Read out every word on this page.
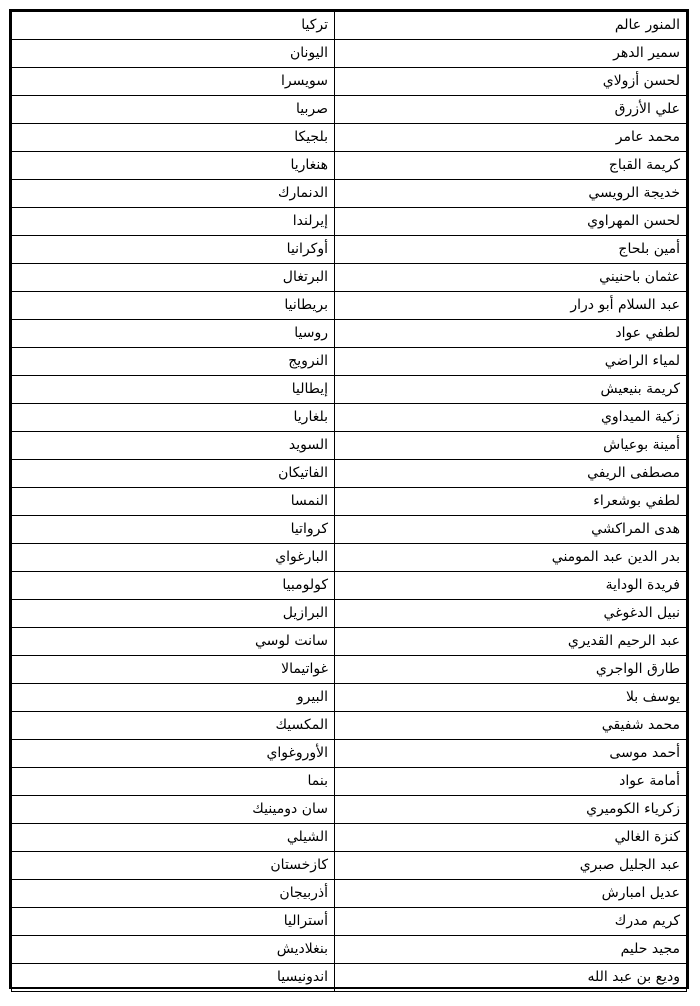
المنور عالم	تركيا
سمير الدهر	اليونان
لحسن أزولاي	سويسرا
علي الأزرق	صربيا
محمد عامر	بلجيكا
كريمة القباج	هنغاريا
خديجة الرويسي	الدنمارك
لحسن المهراوي	إيرلندا
أمين بلحاج	أوكرانيا
عثمان باحنيني	البرتغال
عبد السلام أبو درار	بريطانيا
لطفي عواد	روسيا
لمياء الراضي	النرويج
كريمة بنيعيش	إيطاليا
زكية الميداوي	بلغاريا
أمينة بوعياش	السويد
مصطفى الريفي	الفاتيكان
لطفي بوشعراء	النمسا
هدى المراكشي	كرواتيا
بدر الدين عبد المومني	البارغواي
فريدة الوداية	كولومبيا
نبيل الدغوغي	البرازيل
عبد الرحيم القديري	سانت لوسي
طارق الواجري	غواتيمالا
يوسف بلا	البيرو
محمد شفيقي	المكسيك
أحمد موسى	الأوروغواي
أمامة عواد	بنما
زكرياء الكوميري	سان دومينيك
كنزة الغالي	الشيلي
عبد الجليل صبري	كازخستان
عديل امبارش	أذربيجان
كريم مدرك	أستراليا
مجيد حليم	بنغلاديش
وديع بن عبد الله	اندونيسيا
